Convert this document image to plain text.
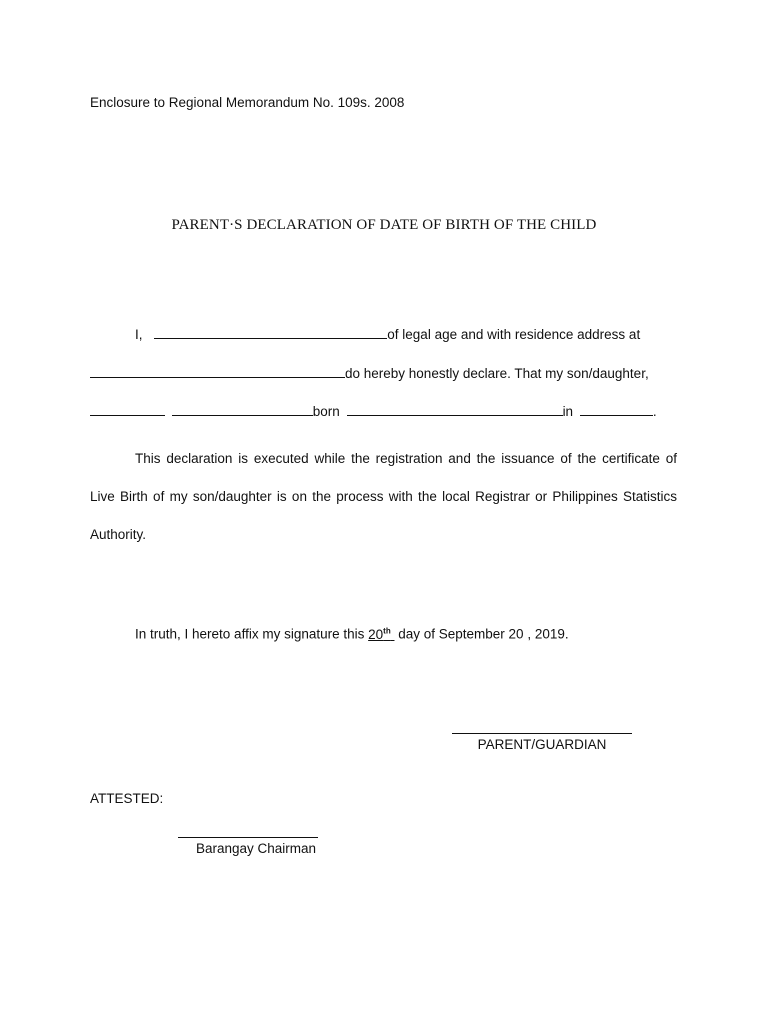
Enclosure to Regional Memorandum No. 109s. 2008
PARENT·S DECLARATION OF DATE OF BIRTH OF THE CHILD
I,	of legal age and with residence address at
do hereby honestly declare. That my son/daughter,
born	in	.
This declaration is executed while the registration and the issuance of the certificate of Live Birth of my son/daughter is on the process with the local Registrar or Philippines Statistics Authority.
In truth, I hereto affix my signature this 20th  day of September 20 , 2019.
PARENT/GUARDIAN
ATTESTED:
Barangay Chairman
